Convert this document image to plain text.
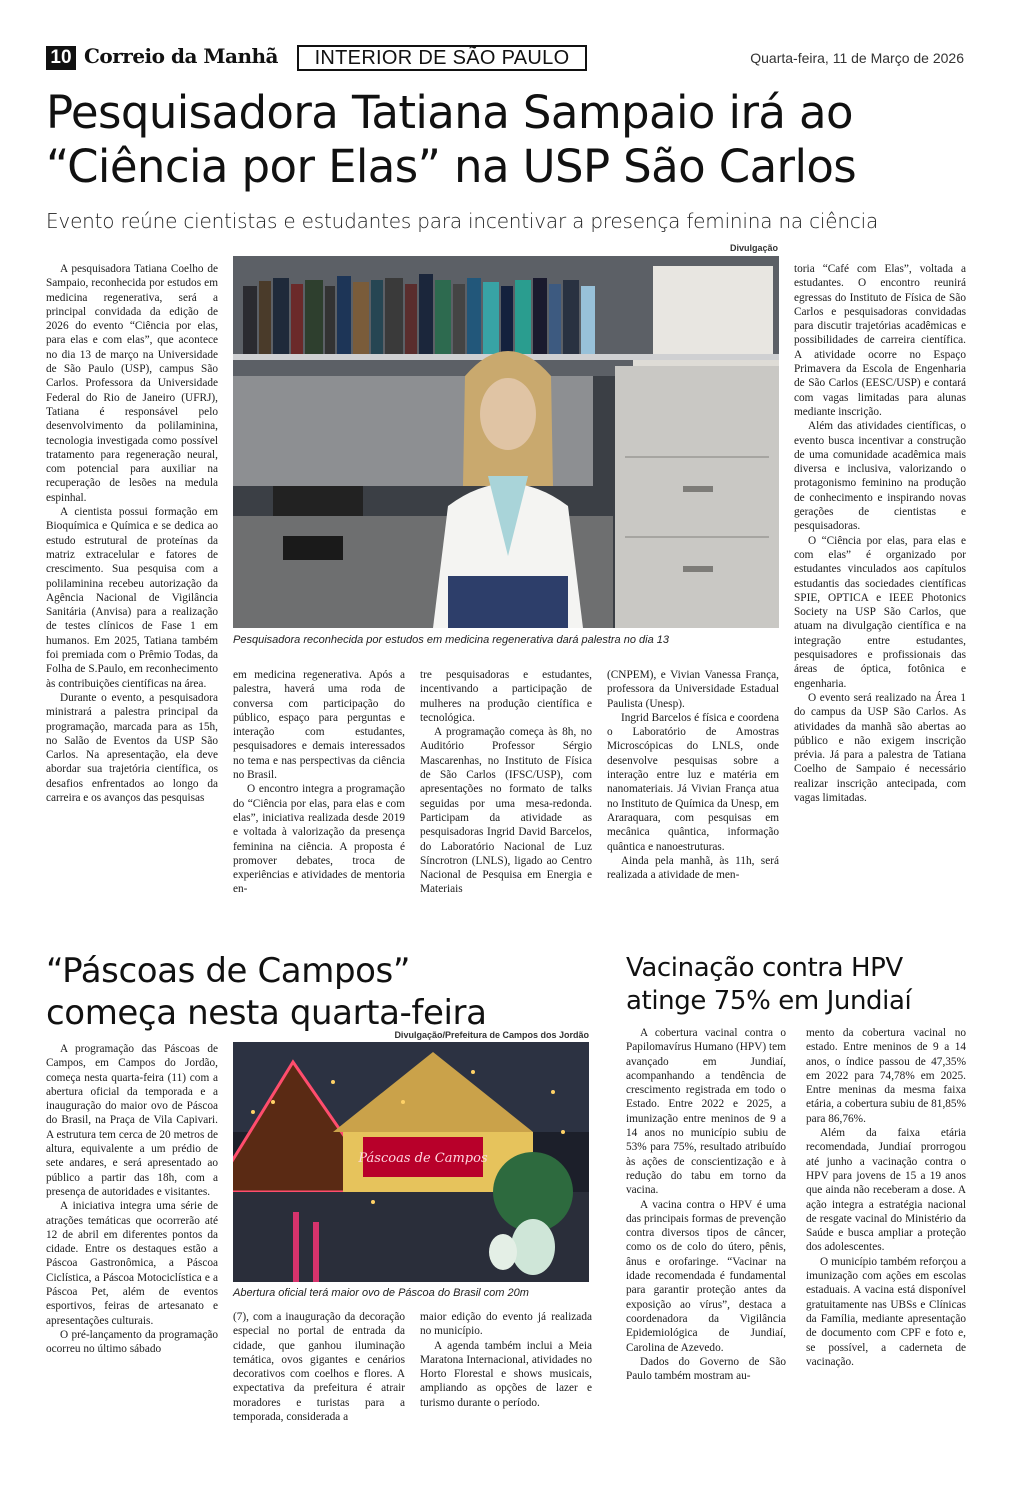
10 Correio da Manhã	INTERIOR DE SÃO PAULO	Quarta-feira, 11 de Março de 2026
Pesquisadora Tatiana Sampaio irá ao
“Ciência por Elas” na USP São Carlos
Evento reúne cientistas e estudantes para incentivar a presença feminina na ciência

A pesquisadora Tatiana Coelho de Sampaio, reconhecida por estudos em medicina regenerativa, será a principal convidada da edição de 2026 do evento “Ciência por elas, para elas e com elas”, que acontece no dia 13 de março na Universidade de São Paulo (USP), campus São Carlos. Professora da Universidade Federal do Rio de Janeiro (UFRJ), Tatiana é responsável pelo desenvolvimento da polilaminina, tecnologia investigada como possível tratamento para regeneração neural, com potencial para auxiliar na recuperação de lesões na medula espinhal.

A cientista possui formação em Bioquímica e Química e se dedica ao estudo estrutural de proteínas da matriz extracelular e fatores de crescimento. Sua pesquisa com a polilaminina recebeu autorização da Agência Nacional de Vigilância Sanitária (Anvisa) para a realização de testes clínicos de Fase 1 em humanos. Em 2025, Tatiana também foi premiada com o Prêmio Todas, da Folha de S.Paulo, em reconhecimento às contribuições científicas na área.

Durante o evento, a pesquisadora ministrará a palestra principal da programação, marcada para as 15h, no Salão de Eventos da USP São Carlos. Na apresentação, ela deve abordar sua trajetória científica, os desafios enfrentados ao longo da carreira e os avanços das pesquisas

Divulgação
Pesquisadora reconhecida por estudos em medicina regenerativa dará palestra no dia 13

em medicina regenerativa. Após a palestra, haverá uma roda de conversa com participação do público, espaço para perguntas e interação com estudantes, pesquisadores e demais interessados no tema e nas perspectivas da ciência no Brasil.

O encontro integra a programação do “Ciência por elas, para elas e com elas”, iniciativa realizada desde 2019 e voltada à valorização da presença feminina na ciência. A proposta é promover debates, troca de experiências e atividades de mentoria en-

tre pesquisadoras e estudantes, incentivando a participação de mulheres na produção científica e tecnológica.

A programação começa às 8h, no Auditório Professor Sérgio Mascarenhas, no Instituto de Física de São Carlos (IFSC/USP), com apresentações no formato de talks seguidas por uma mesa-redonda. Participam da atividade as pesquisadoras Ingrid David Barcelos, do Laboratório Nacional de Luz Síncrotron (LNLS), ligado ao Centro Nacional de Pesquisa em Energia e Materiais

(CNPEM), e Vivian Vanessa França, professora da Universidade Estadual Paulista (Unesp).

Ingrid Barcelos é física e coordena o Laboratório de Amostras Microscópicas do LNLS, onde desenvolve pesquisas sobre a interação entre luz e matéria em nanomateriais. Já Vivian França atua no Instituto de Química da Unesp, em Araraquara, com pesquisas em mecânica quântica, informação quântica e nanoestruturas.

Ainda pela manhã, às 11h, será realizada a atividade de men-

toria “Café com Elas”, voltada a estudantes. O encontro reunirá egressas do Instituto de Física de São Carlos e pesquisadoras convidadas para discutir trajetórias acadêmicas e possibilidades de carreira científica. A atividade ocorre no Espaço Primavera da Escola de Engenharia de São Carlos (EESC/USP) e contará com vagas limitadas para alunas mediante inscrição.

Além das atividades científicas, o evento busca incentivar a construção de uma comunidade acadêmica mais diversa e inclusiva, valorizando o protagonismo feminino na produção de conhecimento e inspirando novas gerações de cientistas e pesquisadoras.

O “Ciência por elas, para elas e com elas” é organizado por estudantes vinculados aos capítulos estudantis das sociedades científicas SPIE, OPTICA e IEEE Photonics Society na USP São Carlos, que atuam na divulgação científica e na integração entre estudantes, pesquisadores e profissionais das áreas de óptica, fotônica e engenharia.

O evento será realizado na Área 1 do campus da USP São Carlos. As atividades da manhã são abertas ao público e não exigem inscrição prévia. Já para a palestra de Tatiana Coelho de Sampaio é necessário realizar inscrição antecipada, com vagas limitadas.

“Páscoas de Campos”
começa nesta quarta-feira
Divulgação/Prefeitura de Campos dos Jordão

A programação das Páscoas de Campos, em Campos do Jordão, começa nesta quarta-feira (11) com a abertura oficial da temporada e a inauguração do maior ovo de Páscoa do Brasil, na Praça de Vila Capivari. A estrutura tem cerca de 20 metros de altura, equivalente a um prédio de sete andares, e será apresentado ao público a partir das 18h, com a presença de autoridades e visitantes.

A iniciativa integra uma série de atrações temáticas que ocorrerão até 12 de abril em diferentes pontos da cidade. Entre os destaques estão a Páscoa Gastronômica, a Páscoa Ciclística, a Páscoa Motociclística e a Páscoa Pet, além de eventos esportivos, feiras de artesanato e apresentações culturais.

O pré-lançamento da programação ocorreu no último sábado

Páscoas de Campos
Abertura oficial terá maior ovo de Páscoa do Brasil com 20m

(7), com a inauguração da decoração especial no portal de entrada da cidade, que ganhou iluminação temática, ovos gigantes e cenários decorativos com coelhos e flores. A expectativa da prefeitura é atrair moradores e turistas para a temporada, considerada a

maior edição do evento já realizada no município.

A agenda também inclui a Meia Maratona Internacional, atividades no Horto Florestal e shows musicais, ampliando as opções de lazer e turismo durante o período.

Vacinação contra HPV
atinge 75% em Jundiaí

A cobertura vacinal contra o Papilomavírus Humano (HPV) tem avançado em Jundiaí, acompanhando a tendência de crescimento registrada em todo o Estado. Entre 2022 e 2025, a imunização entre meninos de 9 a 14 anos no município subiu de 53% para 75%, resultado atribuído às ações de conscientização e à redução do tabu em torno da vacina.

A vacina contra o HPV é uma das principais formas de prevenção contra diversos tipos de câncer, como os de colo do útero, pênis, ânus e orofaringe. “Vacinar na idade recomendada é fundamental para garantir proteção antes da exposição ao vírus”, destaca a coordenadora da Vigilância Epidemiológica de Jundiaí, Carolina de Azevedo.

Dados do Governo de São Paulo também mostram au-

mento da cobertura vacinal no estado. Entre meninos de 9 a 14 anos, o índice passou de 47,35% em 2022 para 74,78% em 2025. Entre meninas da mesma faixa etária, a cobertura subiu de 81,85% para 86,76%.

Além da faixa etária recomendada, Jundiaí prorrogou até junho a vacinação contra o HPV para jovens de 15 a 19 anos que ainda não receberam a dose. A ação integra a estratégia nacional de resgate vacinal do Ministério da Saúde e busca ampliar a proteção dos adolescentes.

O município também reforçou a imunização com ações em escolas estaduais. A vacina está disponível gratuitamente nas UBSs e Clínicas da Família, mediante apresentação de documento com CPF e foto e, se possível, a caderneta de vacinação.
